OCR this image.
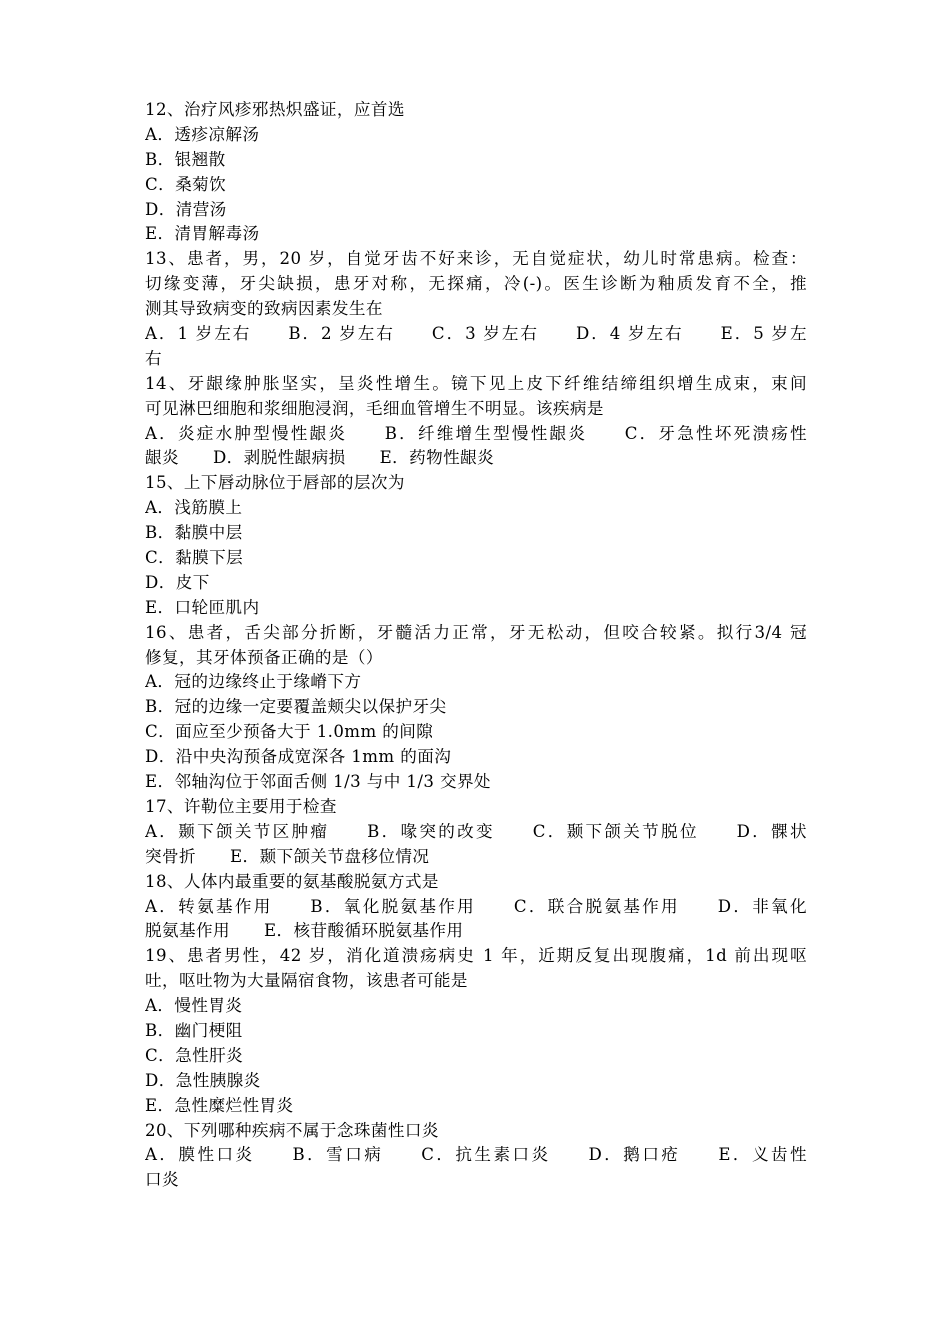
12、治疗风疹邪热炽盛证，应首选
A．透疹凉解汤
B．银翘散
C．桑菊饮
D．清营汤
E．清胃解毒汤
13、患者，男，20 岁，自觉牙齿不好来诊，无自觉症状，幼儿时常患病。检查：
切缘变薄，牙尖缺损，患牙对称，无探痛，冷(-)。医生诊断为釉质发育不全，推
测其导致病变的致病因素发生在
A．1 岁左右　　B．2 岁左右　　C．3 岁左右　　D．4 岁左右　　E．5 岁左
右
14、牙龈缘肿胀坚实，呈炎性增生。镜下见上皮下纤维结缔组织增生成束，束间
可见淋巴细胞和浆细胞浸润，毛细血管增生不明显。该疾病是
A．炎症水肿型慢性龈炎　　B．纤维增生型慢性龈炎　　C．牙急性坏死溃疡性
龈炎　　D．剥脱性龈病损　　E．药物性龈炎
15、上下唇动脉位于唇部的层次为
A．浅筋膜上
B．黏膜中层
C．黏膜下层
D．皮下
E．口轮匝肌内
16、患者，舌尖部分折断，牙髓活力正常，牙无松动，但咬合较紧。拟行3/4 冠
修复，其牙体预备正确的是（）
A．冠的边缘终止于缘嵴下方
B．冠的边缘一定要覆盖颊尖以保护牙尖
C．面应至少预备大于 1.0mm 的间隙
D．沿中央沟预备成宽深各 1mm 的面沟
E．邻轴沟位于邻面舌侧 1/3 与中 1/3 交界处
17、许勒位主要用于检查
A．颞下颌关节区肿瘤　　B．喙突的改变　　C．颞下颌关节脱位　　D．髁状
突骨折　　E．颞下颌关节盘移位情况
18、人体内最重要的氨基酸脱氨方式是
A．转氨基作用　　B．氧化脱氨基作用　　C．联合脱氨基作用　　D．非氧化
脱氨基作用　　E．核苷酸循环脱氨基作用
19、患者男性，42 岁，消化道溃疡病史 1 年，近期反复出现腹痛，1d 前出现呕
吐，呕吐物为大量隔宿食物，该患者可能是
A．慢性胃炎
B．幽门梗阻
C．急性肝炎
D．急性胰腺炎
E．急性糜烂性胃炎
20、下列哪种疾病不属于念珠菌性口炎
A．膜性口炎　　B．雪口病　　C．抗生素口炎　　D．鹅口疮　　E．义齿性
口炎
